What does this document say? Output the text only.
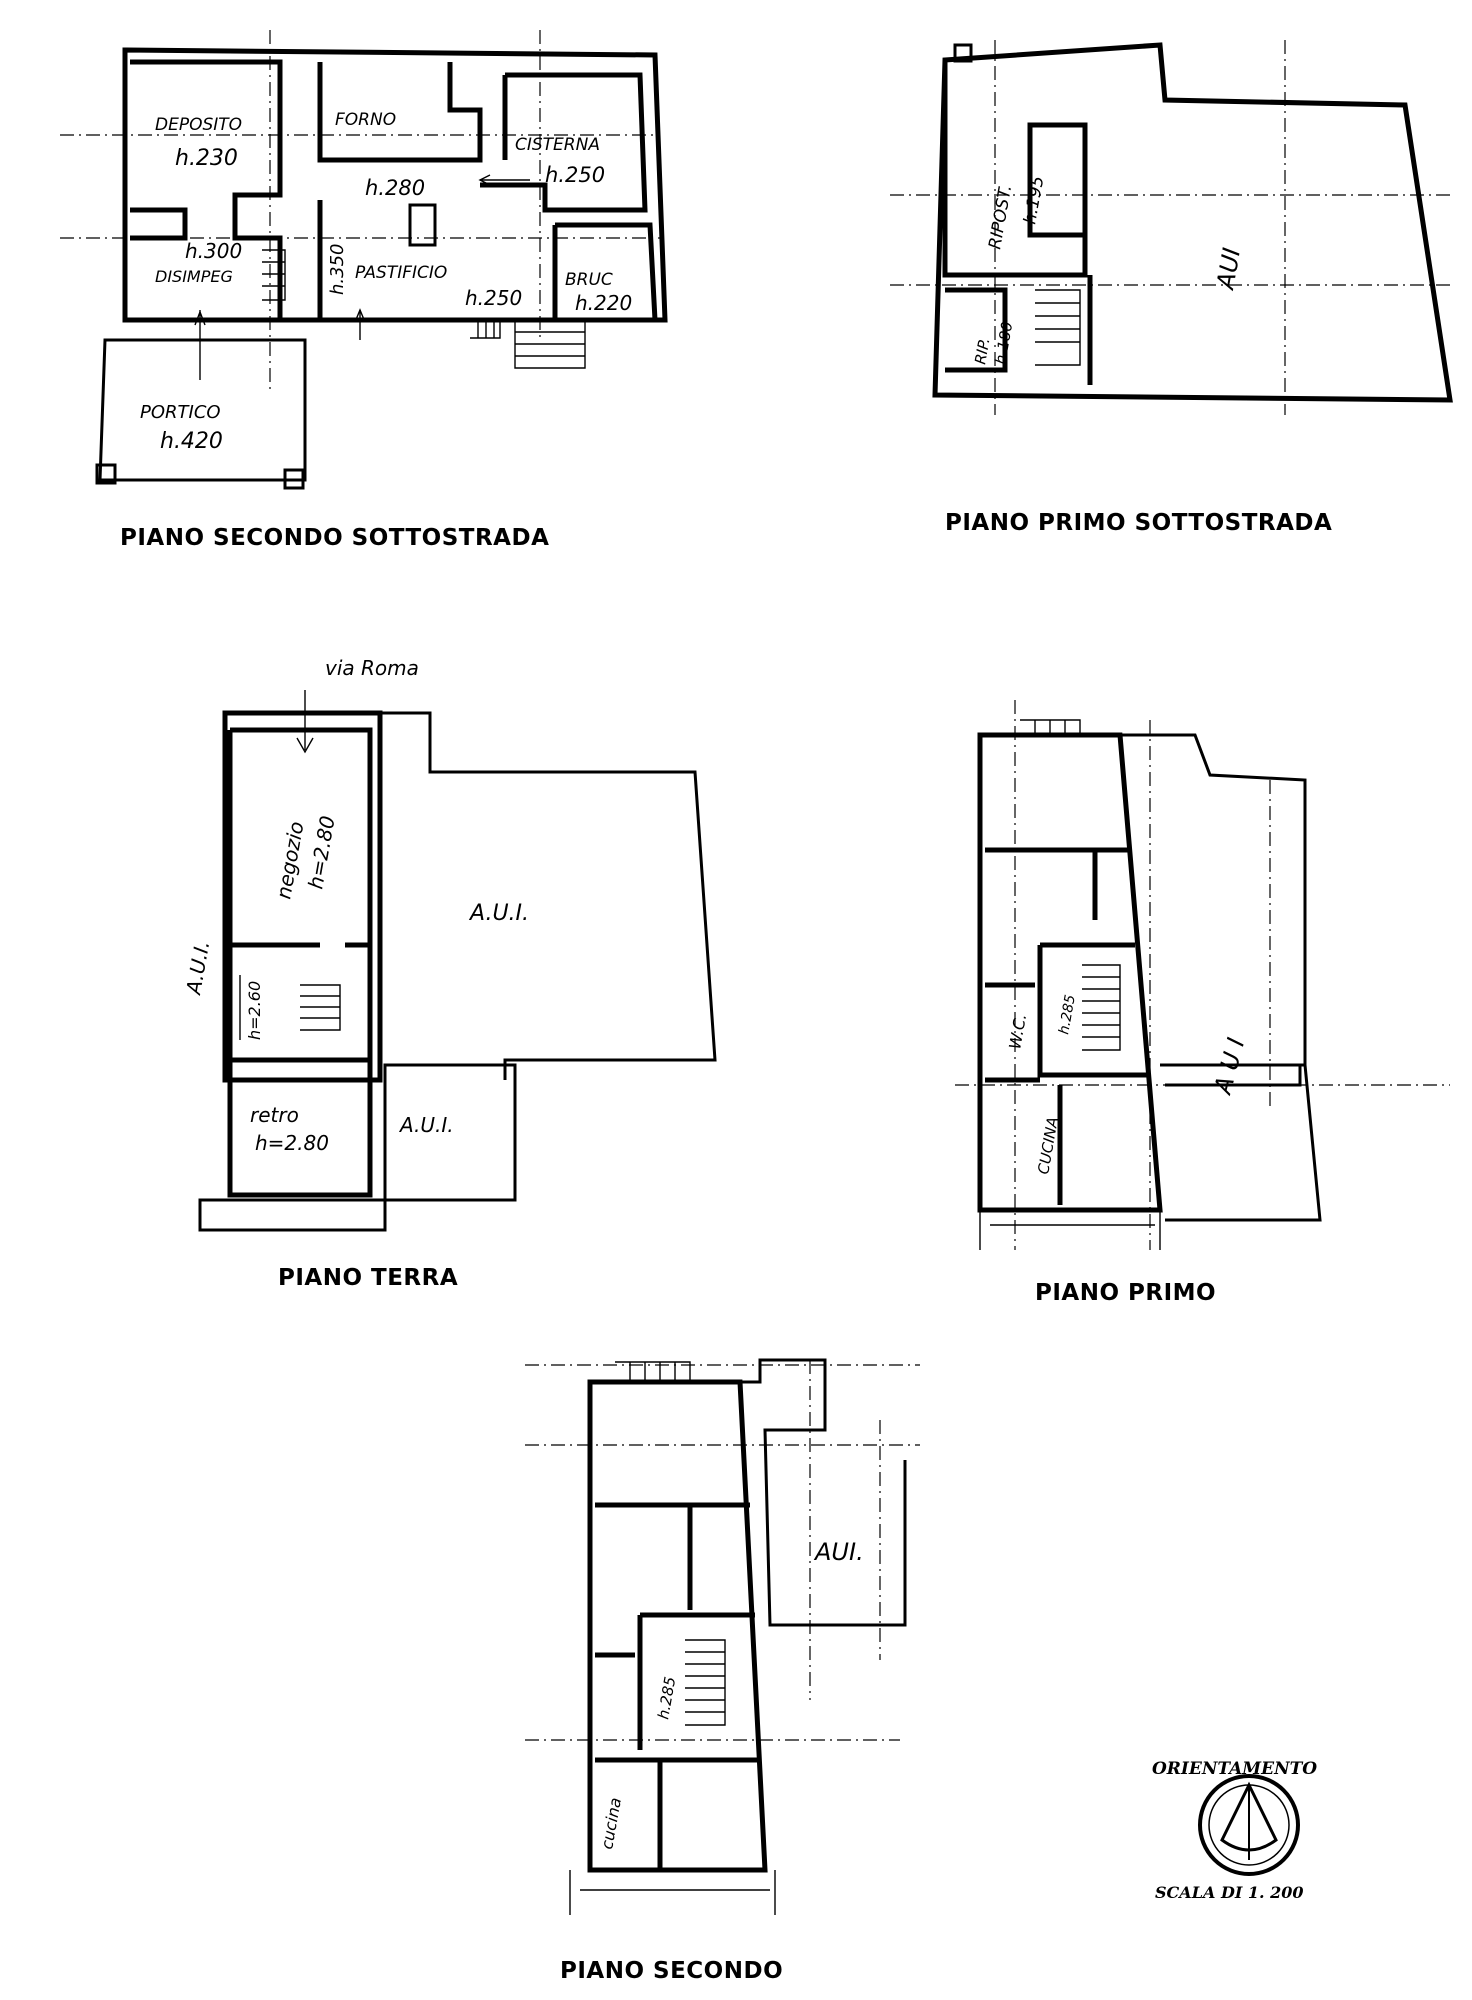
DEPOSITO
h.230
FORNO
CISTERNA
h.250
h.280
h.300
DISIMPEG	h.350 PASTIFICIO
h.250
BRUC
h.220
PORTICO
h.420
PIANO SECONDO SOTTOSTRADA
RIPOST. h.195
RIP.
h.180
AUI
PIANO PRIMO SOTTOSTRADA
via Roma
negozio
h=2.80
A.U.I.
A.U.I.
h=2.60
retro
h=2.80
A.U.I.
PIANO TERRA
W.C. h.285
CUCINA
A U I
PIANO PRIMO
AUI.
h.285
cucina
PIANO SECONDO
ORIENTAMENTO
SCALA DI 1. 200
